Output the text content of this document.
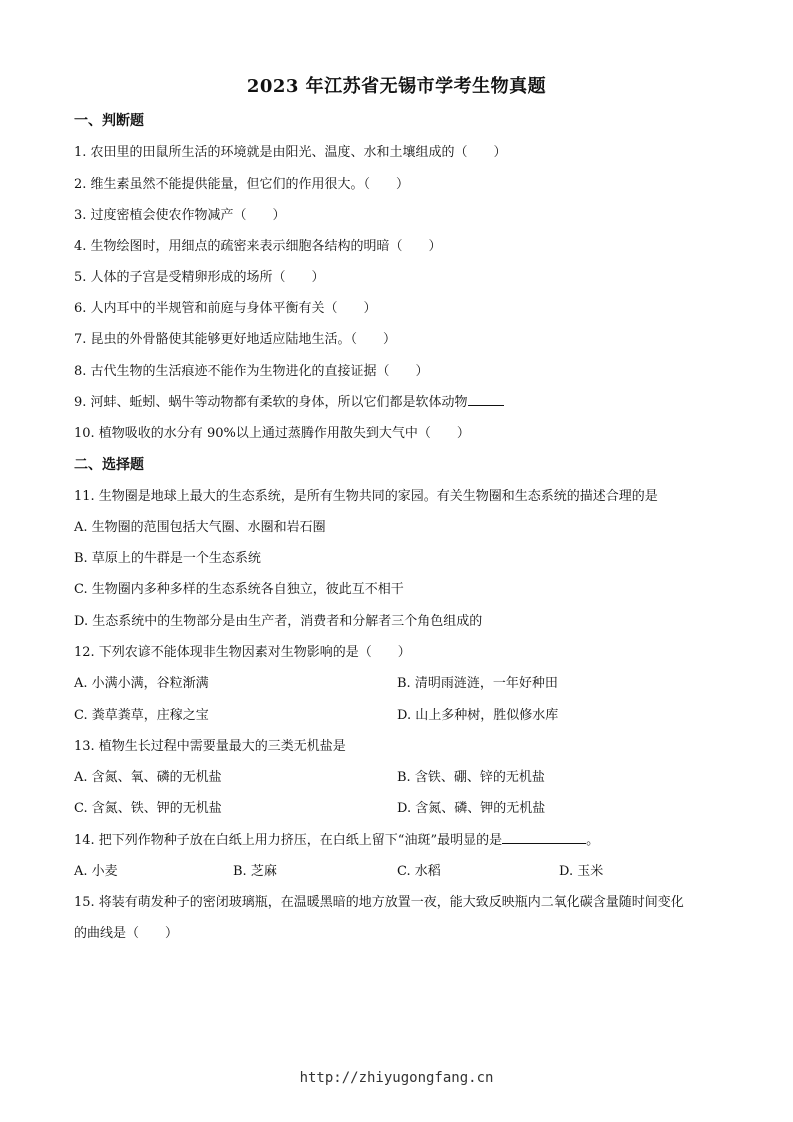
2023 年江苏省无锡市学考生物真题
一、判断题
1. 农田里的田鼠所生活的环境就是由阳光、温度、水和土壤组成的（　　）
2. 维生素虽然不能提供能量，但它们的作用很大。（　　）
3. 过度密植会使农作物减产（　　）
4. 生物绘图时，用细点的疏密来表示细胞各结构的明暗（　　）
5. 人体的子宫是受精卵形成的场所（　　）
6. 人内耳中的半规管和前庭与身体平衡有关（　　）
7. 昆虫的外骨骼使其能够更好地适应陆地生活。（　　）
8. 古代生物的生活痕迹不能作为生物进化的直接证据（　　）
9. 河蚌、蚯蚓、蜗牛等动物都有柔软的身体，所以它们都是软体动物
10. 植物吸收的水分有 90%以上通过蒸腾作用散失到大气中（　　）
二、选择题
11. 生物圈是地球上最大的生态系统，是所有生物共同的家园。有关生物圈和生态系统的描述合理的是
A. 生物圈的范围包括大气圈、水圈和岩石圈
B. 草原上的牛群是一个生态系统
C. 生物圈内多种多样的生态系统各自独立，彼此互不相干
D. 生态系统中的生物部分是由生产者，消费者和分解者三个角色组成的
12. 下列农谚不能体现非生物因素对生物影响的是（　　）
A. 小满小满，谷粒渐满	B. 清明雨涟涟，一年好种田
C. 粪草粪草，庄稼之宝	D. 山上多种树，胜似修水库
13. 植物生长过程中需要量最大的三类无机盐是
A. 含氮、氧、磷的无机盐	B. 含铁、硼、锌的无机盐
C. 含氮、铁、钾的无机盐	D. 含氮、磷、钾的无机盐
14. 把下列作物种子放在白纸上用力挤压，在白纸上留下“油斑”最明显的是	。
A. 小麦	B. 芝麻	C. 水稻	D. 玉米
15. 将装有萌发种子的密闭玻璃瓶，在温暖黑暗的地方放置一夜，能大致反映瓶内二氧化碳含量随时间变化
的曲线是（　　）
http://zhiyugongfang.cn
